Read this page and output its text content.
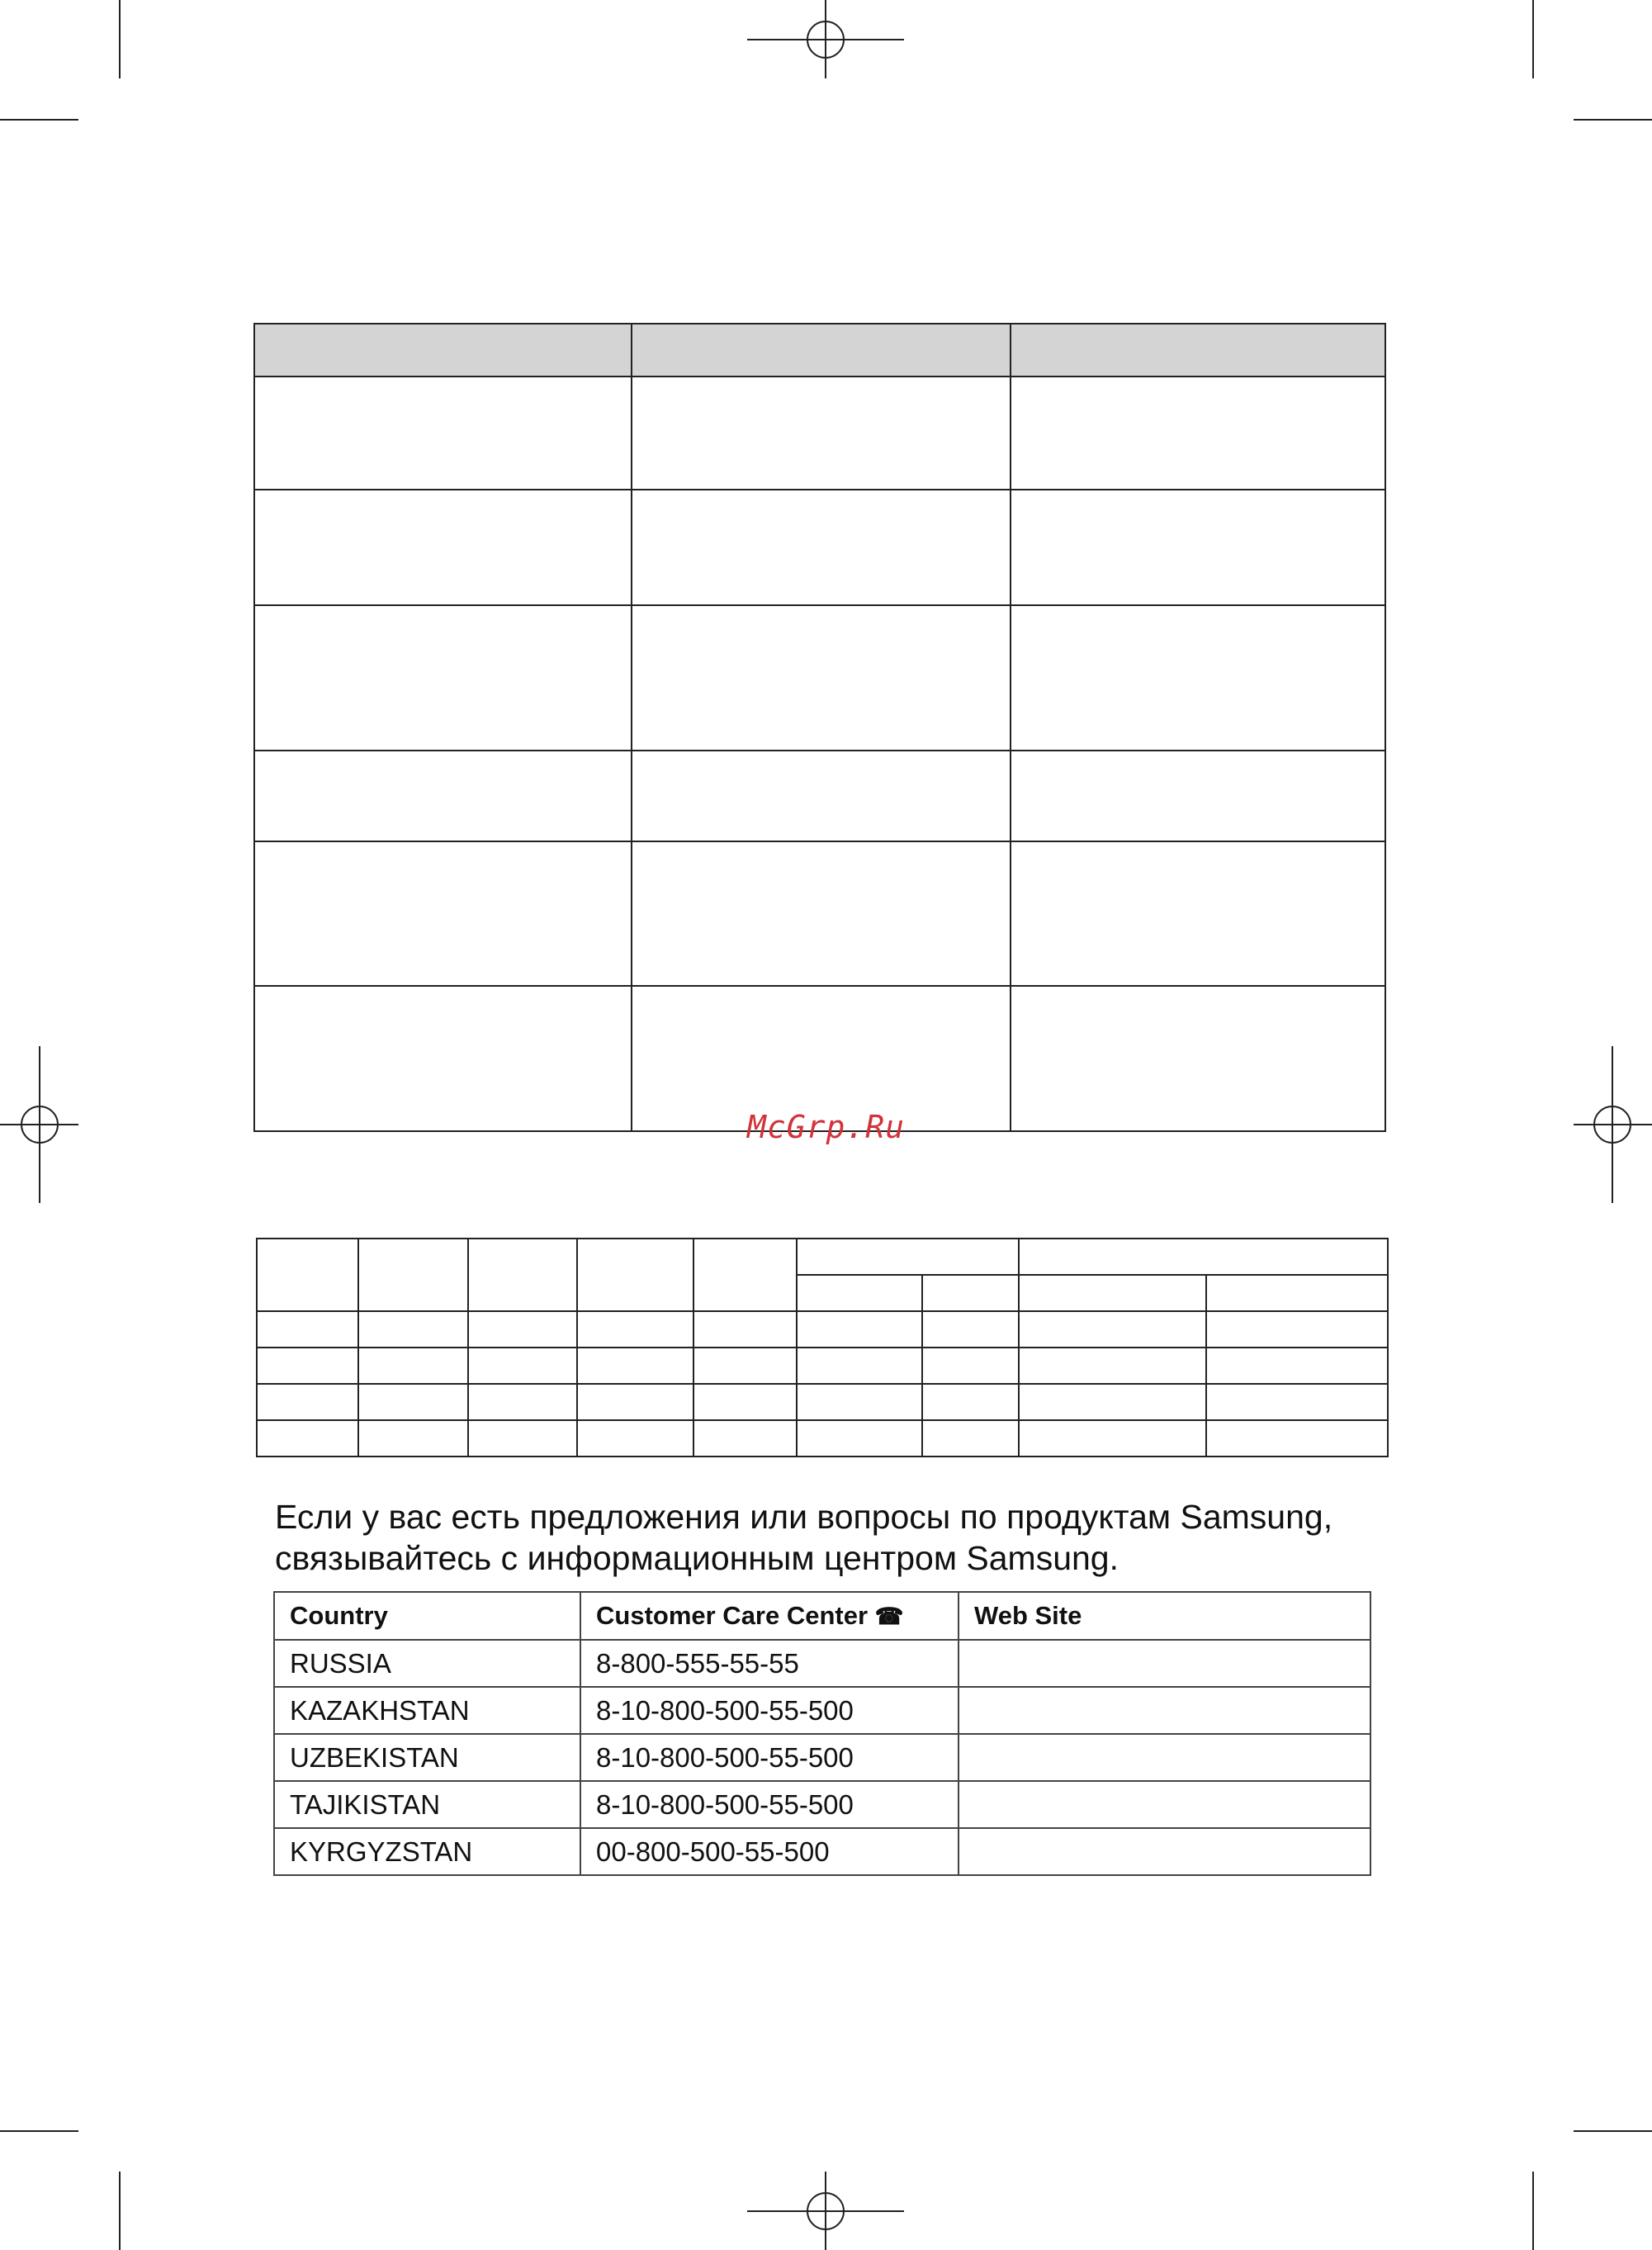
McGrp.Ru

Если у вас есть предложения или вопросы по продуктам Samsung,
связывайтесь с информационным центром Samsung.
Country	Customer Care Center ☎	Web Site
RUSSIA	8-800-555-55-55	
KAZAKHSTAN	8-10-800-500-55-500	
UZBEKISTAN	8-10-800-500-55-500	
TAJIKISTAN	8-10-800-500-55-500	
KYRGYZSTAN	00-800-500-55-500	
